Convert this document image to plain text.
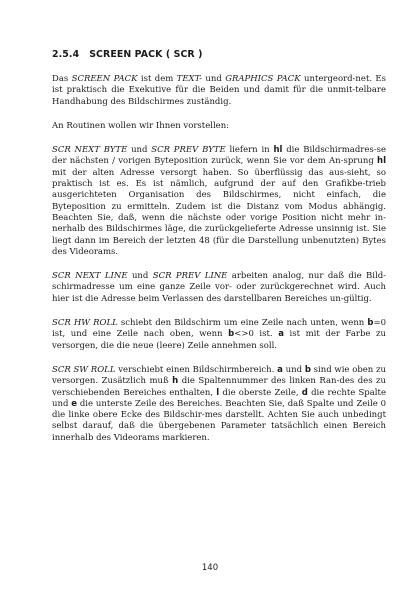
2.5.4 SCREEN PACK ( SCR )

Das SCREEN PACK ist dem TEXT- und GRAPHICS PACK untergeord-net. Es ist praktisch die Exekutive für die Beiden und damit für die unmit-telbare Handhabung des Bildschirmes zuständig.

An Routinen wollen wir Ihnen vorstellen:

SCR NEXT BYTE und SCR PREV BYTE liefern in hl die Bildschirmadres-se der nächsten / vorigen Byteposition zurück, wenn Sie vor dem An-sprung hl mit der alten Adresse versorgt haben. So überflüssig das aus-sieht, so praktisch ist es. Es ist nämlich, aufgrund der auf den Grafikbe-trieb ausgerichteten Organisation des Bildschirmes, nicht einfach, die Byteposition zu ermitteln. Zudem ist die Distanz vom Modus abhängig. Beachten Sie, daß, wenn die nächste oder vorige Position nicht mehr in-nerhalb des Bildschirmes läge, die zurückgelieferte Adresse unsinnig ist. Sie liegt dann im Bereich der letzten 48 (für die Darstellung unbenutzten) Bytes des Videorams.

SCR NEXT LINE und SCR PREV LINE arbeiten analog, nur daß die Bild-schirmadresse um eine ganze Zeile vor- oder zurückgerechnet wird. Auch hier ist die Adresse beim Verlassen des darstellbaren Bereiches un-gültig.

SCR HW ROLL schiebt den Bildschirm um eine Zeile nach unten, wenn b=0 ist, und eine Zeile nach oben, wenn b<>0 ist. a ist mit der Farbe zu versorgen, die die neue (leere) Zeile annehmen soll.

SCR SW ROLL verschiebt einen Bildschirmbereich. a und b sind wie oben zu versorgen. Zusätzlich muß h die Spaltennummer des linken Ran-des des zu verschiebenden Bereiches enthalten, l die oberste Zeile, d die rechte Spalte und e die unterste Zeile des Bereiches. Beachten Sie, daß Spalte und Zeile 0 die linke obere Ecke des Bildschir-mes darstellt. Achten Sie auch unbedingt selbst darauf, daß die übergebenen Parameter tatsächlich einen Bereich innerhalb des Videorams markieren.

140
